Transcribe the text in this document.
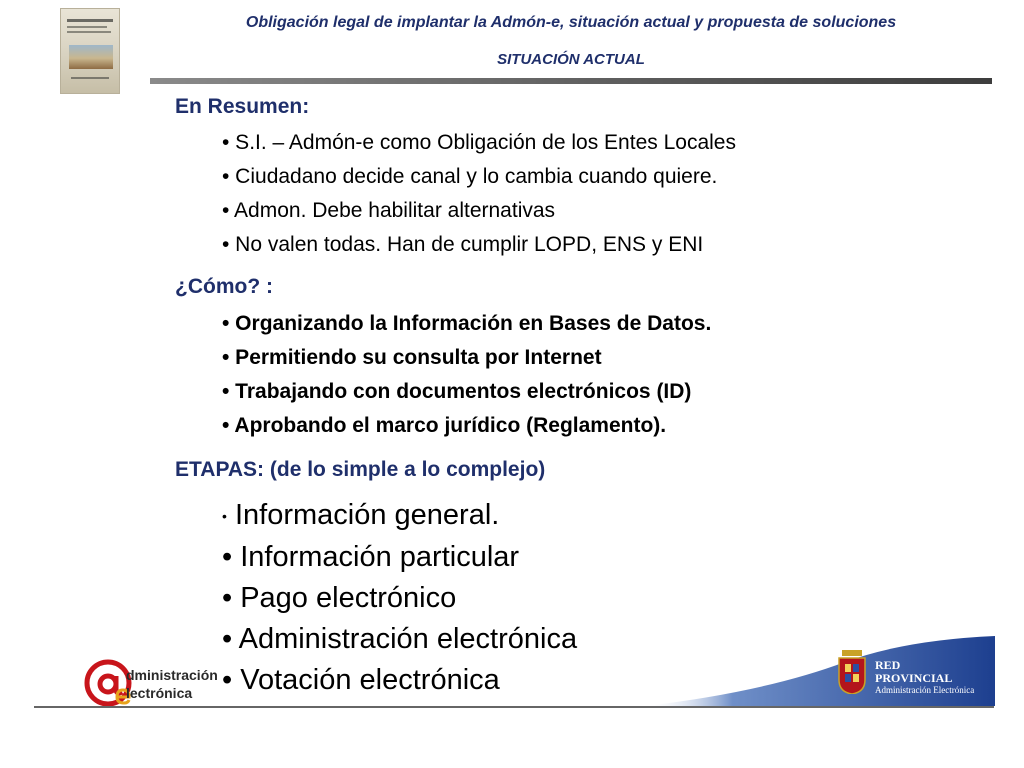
Obligación legal de implantar la Admón-e, situación actual y propuesta de soluciones
SITUACIÓN ACTUAL
En Resumen:
• S.I. – Admón-e como Obligación de los Entes Locales
• Ciudadano decide canal y lo cambia cuando quiere.
• Admon. Debe habilitar alternativas
• No valen todas. Han de cumplir LOPD, ENS y ENI
¿Cómo? :
• Organizando la Información en Bases de Datos.
• Permitiendo su consulta por Internet
• Trabajando con documentos electrónicos (ID)
• Aprobando el marco jurídico (Reglamento).
ETAPAS: (de lo simple a lo complejo)
• Información general.
• Información particular
• Pago electrónico
• Administración electrónica
• Votación electrónica
dministración
lectrónica
RED
PROVINCIAL
Administración Electrónica
